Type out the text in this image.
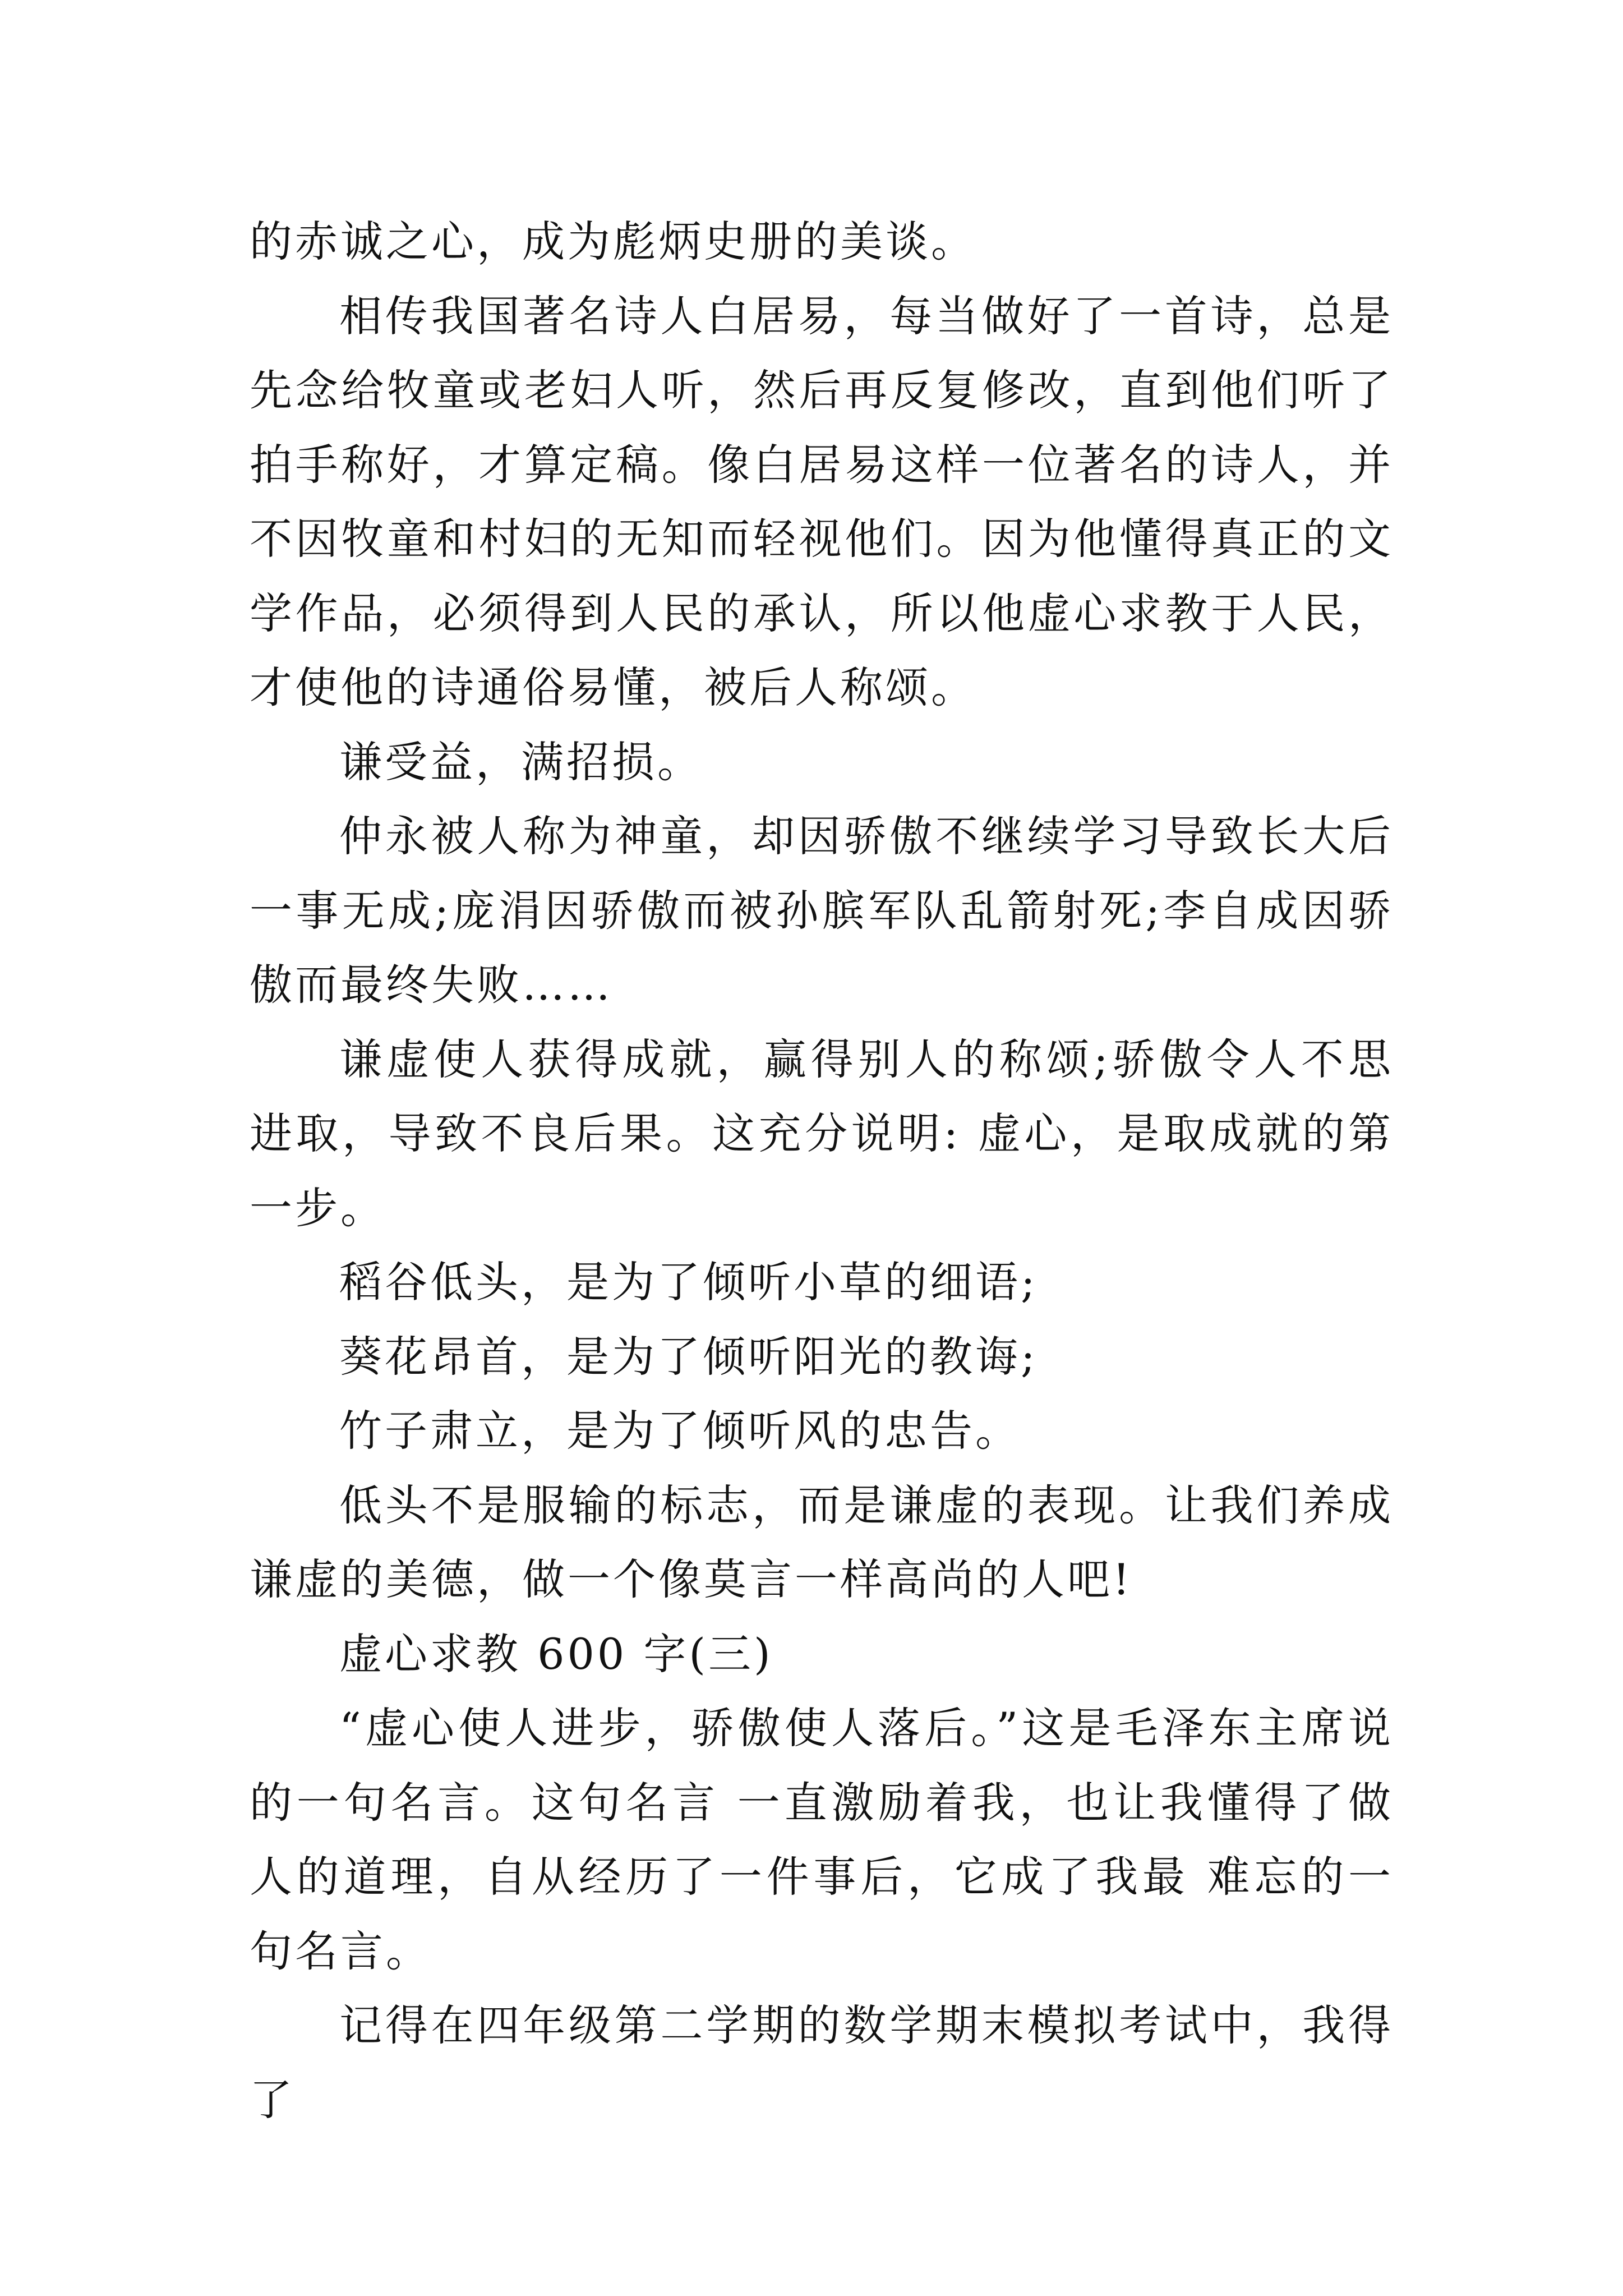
的赤诚之心，成为彪炳史册的美谈。

相传我国著名诗人白居易，每当做好了一首诗，总是先念给牧童或老妇人听，然后再反复修改，直到他们听了拍手称好，才算定稿。像白居易这样一位著名的诗人，并不因牧童和村妇的无知而轻视他们。因为他懂得真正的文学作品，必须得到人民的承认，所以他虚心求教于人民，才使他的诗通俗易懂，被后人称颂。

谦受益，满招损。

仲永被人称为神童，却因骄傲不继续学习导致长大后一事无成;庞涓因骄傲而被孙膑军队乱箭射死;李自成因骄傲而最终失败……

谦虚使人获得成就，赢得别人的称颂;骄傲令人不思进取，导致不良后果。这充分说明: 虚心，是取成就的第一步。

稻谷低头，是为了倾听小草的细语;

葵花昂首，是为了倾听阳光的教诲;

竹子肃立，是为了倾听风的忠告。

低头不是服输的标志，而是谦虚的表现。让我们养成谦虚的美德，做一个像莫言一样高尚的人吧!

虚心求教 600 字(三)

“虚心使人进步，骄傲使人落后。”这是毛泽东主席说的一句名言。这句名言 一直激励着我，也让我懂得了做人的道理，自从经历了一件事后，它成了我最 难忘的一句名言。

记得在四年级第二学期的数学期末模拟考试中，我得了
